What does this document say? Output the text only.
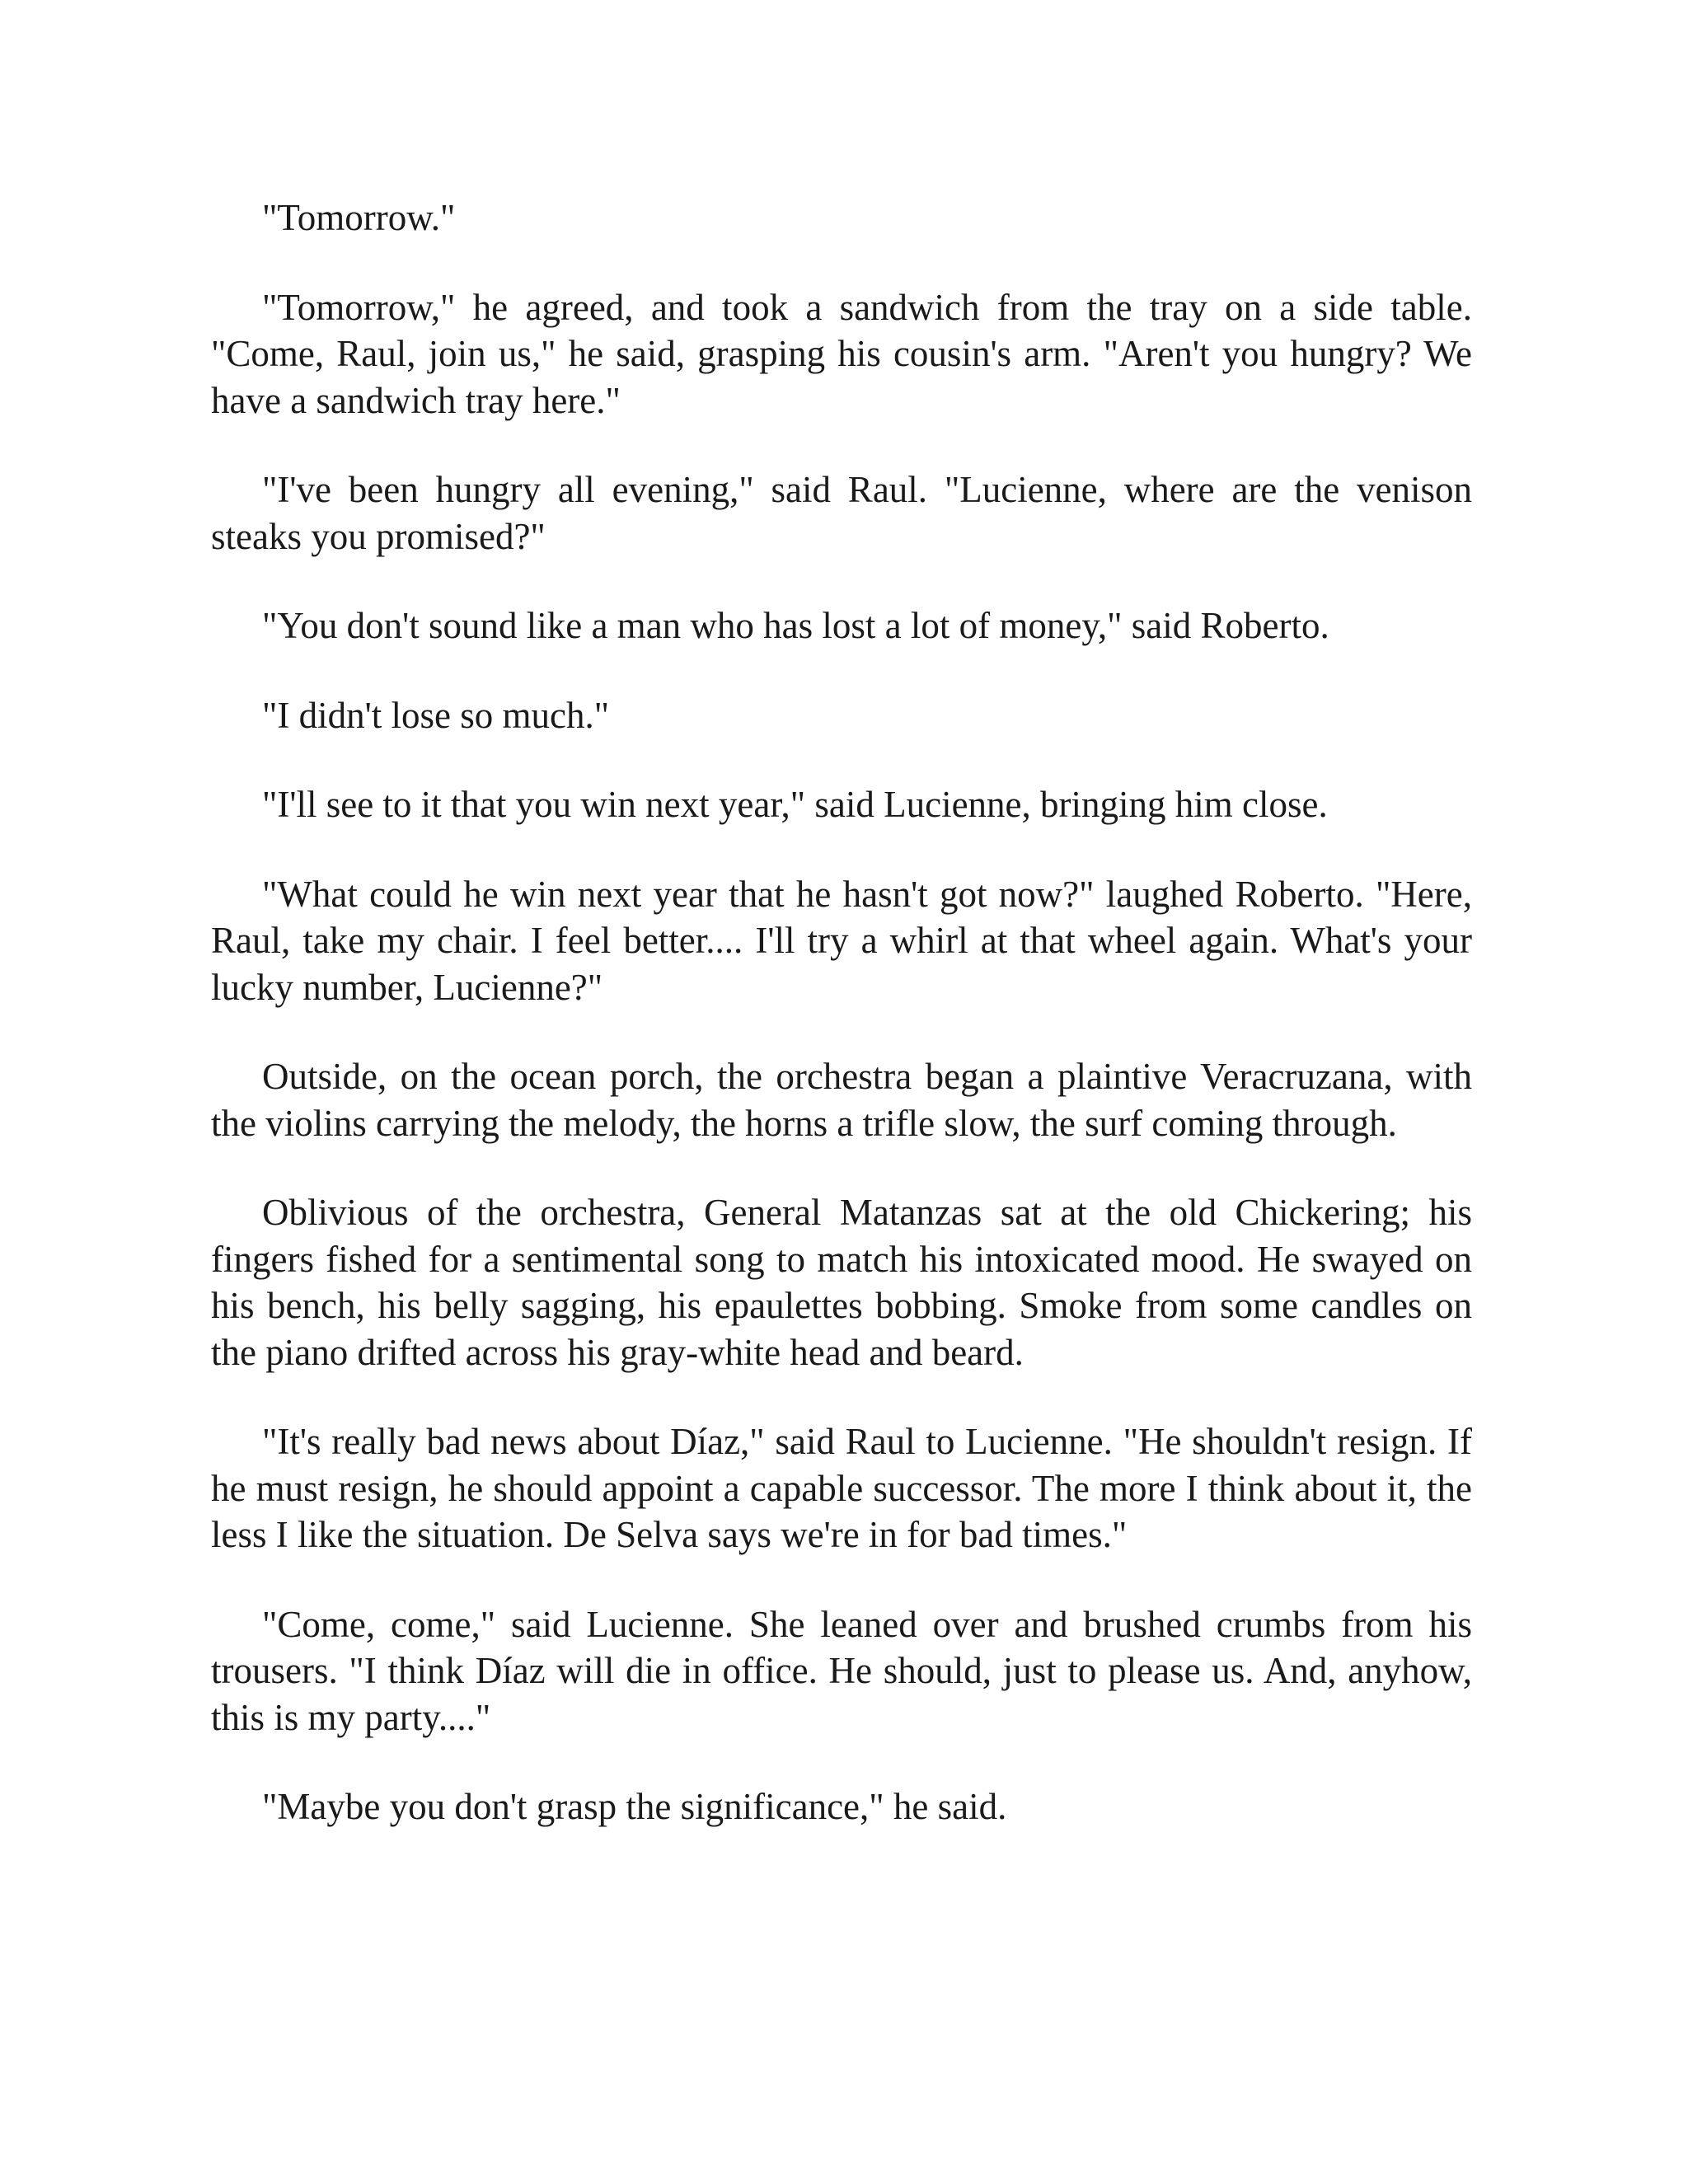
"Tomorrow."

"Tomorrow," he agreed, and took a sandwich from the tray on a side table. "Come, Raul, join us," he said, grasping his cousin's arm. "Aren't you hungry? We have a sandwich tray here."

"I've been hungry all evening," said Raul. "Lucienne, where are the venison steaks you promised?"

"You don't sound like a man who has lost a lot of money," said Roberto.

"I didn't lose so much."

"I'll see to it that you win next year," said Lucienne, bringing him close.

"What could he win next year that he hasn't got now?" laughed Roberto. "Here, Raul, take my chair. I feel better.... I'll try a whirl at that wheel again. What's your lucky number, Lucienne?"

Outside, on the ocean porch, the orchestra began a plaintive Veracruzana, with the violins carrying the melody, the horns a trifle slow, the surf coming through.

Oblivious of the orchestra, General Matanzas sat at the old Chickering; his fingers fished for a sentimental song to match his intoxicated mood. He swayed on his bench, his belly sagging, his epaulettes bobbing. Smoke from some candles on the piano drifted across his gray-white head and beard.

"It's really bad news about Díaz," said Raul to Lucienne. "He shouldn't resign. If he must resign, he should appoint a capable successor. The more I think about it, the less I like the situation. De Selva says we're in for bad times."

"Come, come," said Lucienne. She leaned over and brushed crumbs from his trousers. "I think Díaz will die in office. He should, just to please us. And, anyhow, this is my party...."

"Maybe you don't grasp the significance," he said.
